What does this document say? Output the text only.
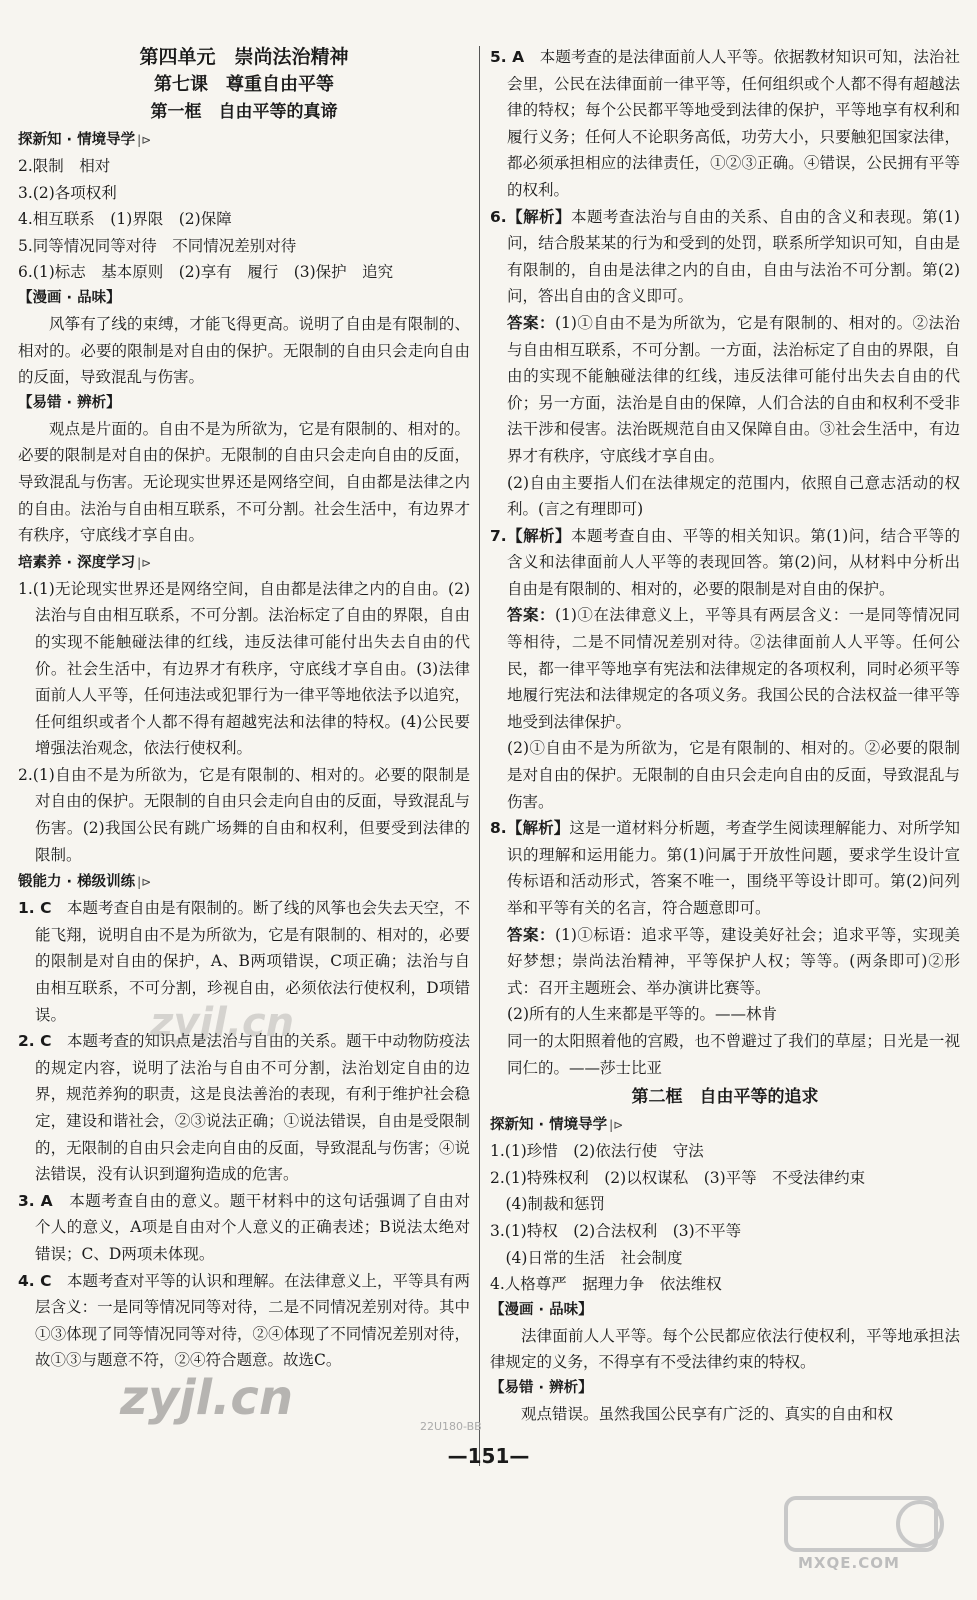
第四单元　崇尚法治精神
第七课　尊重自由平等
第一框　自由平等的真谛
探新知 · 情境导学 |⊳
2.限制　相对
3.(2)各项权利
4.相互联系　(1)界限　(2)保障
5.同等情况同等对待　不同情况差别对待
6.(1)标志　基本原则　(2)享有　履行　(3)保护　追究
【漫画 · 品味】
风筝有了线的束缚，才能飞得更高。说明了自由是有限制的、相对的。必要的限制是对自由的保护。无限制的自由只会走向自由的反面，导致混乱与伤害。
【易错 · 辨析】
观点是片面的。自由不是为所欲为，它是有限制的、相对的。必要的限制是对自由的保护。无限制的自由只会走向自由的反面，导致混乱与伤害。无论现实世界还是网络空间，自由都是法律之内的自由。法治与自由相互联系，不可分割。社会生活中，有边界才有秩序，守底线才享自由。
培素养 · 深度学习 |⊳
1.(1)无论现实世界还是网络空间，自由都是法律之内的自由。(2)法治与自由相互联系，不可分割。法治标定了自由的界限，自由的实现不能触碰法律的红线，违反法律可能付出失去自由的代价。社会生活中，有边界才有秩序，守底线才享自由。(3)法律面前人人平等，任何违法或犯罪行为一律平等地依法予以追究，任何组织或者个人都不得有超越宪法和法律的特权。(4)公民要增强法治观念，依法行使权利。
2.(1)自由不是为所欲为，它是有限制的、相对的。必要的限制是对自由的保护。无限制的自由只会走向自由的反面，导致混乱与伤害。(2)我国公民有跳广场舞的自由和权利，但要受到法律的限制。
锻能力 · 梯级训练 |⊳
1. C　本题考查自由是有限制的。断了线的风筝也会失去天空，不能飞翔，说明自由不是为所欲为，它是有限制的、相对的，必要的限制是对自由的保护，A、B两项错误，C项正确；法治与自由相互联系，不可分割，珍视自由，必须依法行使权利，D项错误。
2. C　本题考查的知识点是法治与自由的关系。题干中动物防疫法的规定内容，说明了法治与自由不可分割，法治划定自由的边界，规范养狗的职责，这是良法善治的表现，有利于维护社会稳定，建设和谐社会，②③说法正确；①说法错误，自由是受限制的，无限制的自由只会走向自由的反面，导致混乱与伤害；④说法错误，没有认识到遛狗造成的危害。
3. A　本题考查自由的意义。题干材料中的这句话强调了自由对个人的意义，A项是自由对个人意义的正确表述；B说法太绝对错误；C、D两项未体现。
4. C　本题考查对平等的认识和理解。在法律意义上，平等具有两层含义：一是同等情况同等对待，二是不同情况差别对待。其中①③体现了同等情况同等对待，②④体现了不同情况差别对待，故①③与题意不符，②④符合题意。故选C。
5. A　本题考查的是法律面前人人平等。依据教材知识可知，法治社会里，公民在法律面前一律平等，任何组织或个人都不得有超越法律的特权；每个公民都平等地受到法律的保护，平等地享有权利和履行义务；任何人不论职务高低，功劳大小，只要触犯国家法律，都必须承担相应的法律责任，①②③正确。④错误，公民拥有平等的权利。
6.【解析】本题考查法治与自由的关系、自由的含义和表现。第(1)问，结合殷某某的行为和受到的处罚，联系所学知识可知，自由是有限制的，自由是法律之内的自由，自由与法治不可分割。第(2)问，答出自由的含义即可。
答案：(1)①自由不是为所欲为，它是有限制的、相对的。②法治与自由相互联系，不可分割。一方面，法治标定了自由的界限，自由的实现不能触碰法律的红线，违反法律可能付出失去自由的代价；另一方面，法治是自由的保障，人们合法的自由和权利不受非法干涉和侵害。法治既规范自由又保障自由。③社会生活中，有边界才有秩序，守底线才享自由。
(2)自由主要指人们在法律规定的范围内，依照自己意志活动的权利。(言之有理即可)
7.【解析】本题考查自由、平等的相关知识。第(1)问，结合平等的含义和法律面前人人平等的表现回答。第(2)问，从材料中分析出自由是有限制的、相对的，必要的限制是对自由的保护。
答案：(1)①在法律意义上，平等具有两层含义：一是同等情况同等相待，二是不同情况差别对待。②法律面前人人平等。任何公民，都一律平等地享有宪法和法律规定的各项权利，同时必须平等地履行宪法和法律规定的各项义务。我国公民的合法权益一律平等地受到法律保护。
(2)①自由不是为所欲为，它是有限制的、相对的。②必要的限制是对自由的保护。无限制的自由只会走向自由的反面，导致混乱与伤害。
8.【解析】这是一道材料分析题，考查学生阅读理解能力、对所学知识的理解和运用能力。第(1)问属于开放性问题，要求学生设计宣传标语和活动形式，答案不唯一，围绕平等设计即可。第(2)问列举和平等有关的名言，符合题意即可。
答案：(1)①标语：追求平等，建设美好社会；追求平等，实现美好梦想；崇尚法治精神，平等保护人权；等等。(两条即可)②形式：召开主题班会、举办演讲比赛等。
(2)所有的人生来都是平等的。——林肯
同一的太阳照着他的宫殿，也不曾避过了我们的草屋；日光是一视同仁的。——莎士比亚
第二框　自由平等的追求
探新知 · 情境导学 |⊳
1.(1)珍惜　(2)依法行使　守法
2.(1)特殊权利　(2)以权谋私　(3)平等　不受法律约束
　(4)制裁和惩罚
3.(1)特权　(2)合法权利　(3)不平等
　(4)日常的生活　社会制度
4.人格尊严　据理力争　依法维权
【漫画 · 品味】
法律面前人人平等。每个公民都应依法行使权利，平等地承担法律规定的义务，不得享有不受法律约束的特权。
【易错 · 辨析】
观点错误。虽然我国公民享有广泛的、真实的自由和权
22U180-BB
—151—
zyjl.cn
zyjl.cn
MXQE.COM
